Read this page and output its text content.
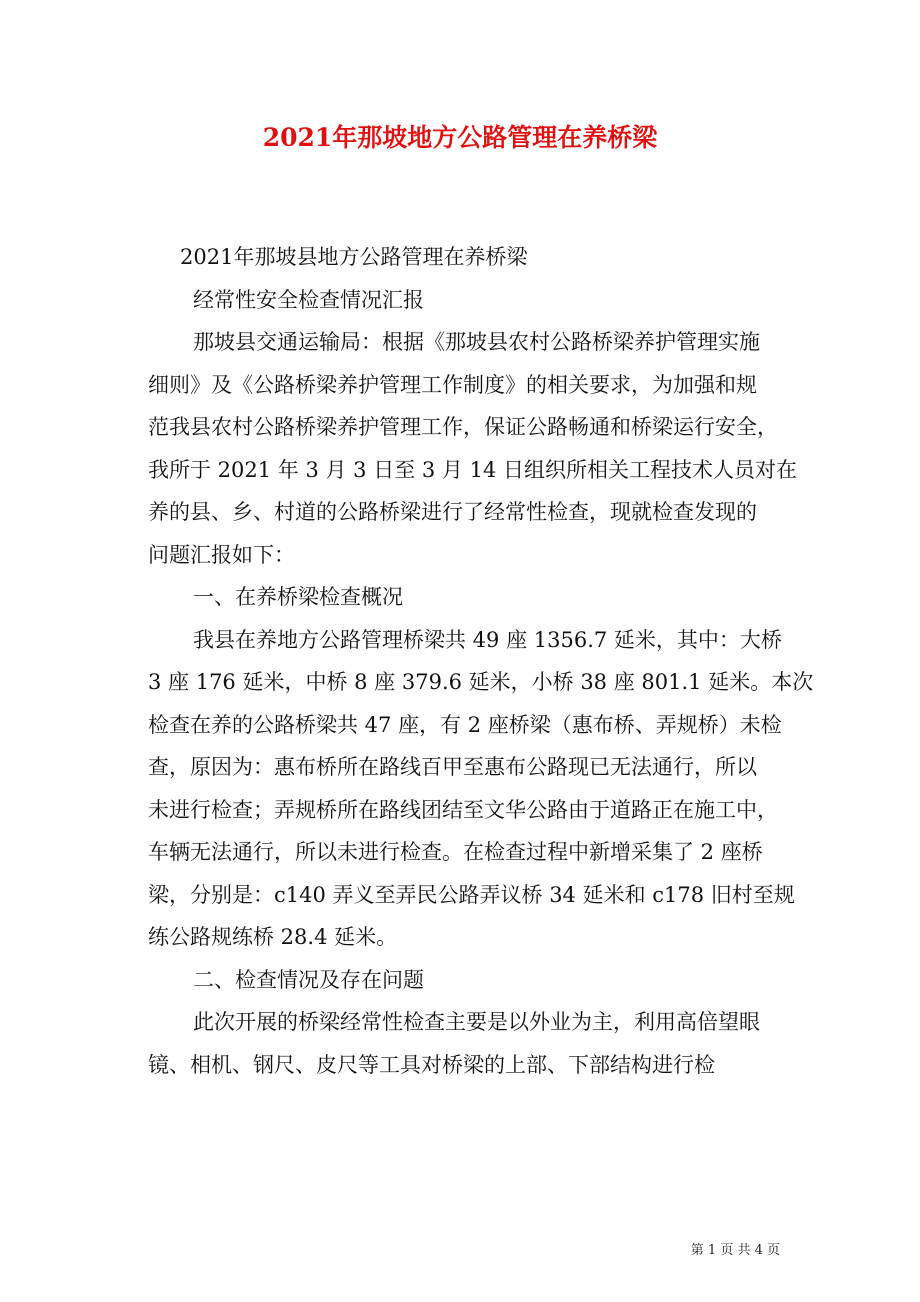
2021年那坡地方公路管理在养桥梁

2021年那坡县地方公路管理在养桥梁

经常性安全检查情况汇报

那坡县交通运输局：根据《那坡县农村公路桥梁养护管理实施
细则》及《公路桥梁养护管理工作制度》的相关要求，为加强和规
范我县农村公路桥梁养护管理工作，保证公路畅通和桥梁运行安全，
我所于 2021 年 3 月 3 日至 3 月 14 日组织所相关工程技术人员对在
养的县、乡、村道的公路桥梁进行了经常性检查，现就检查发现的
问题汇报如下：

一、在养桥梁检查概况

我县在养地方公路管理桥梁共 49 座 1356.7 延米，其中：大桥
3 座 176 延米，中桥 8 座 379.6 延米，小桥 38 座 801.1 延米。本次
检查在养的公路桥梁共 47 座，有 2 座桥梁（惠布桥、弄规桥）未检
查，原因为：惠布桥所在路线百甲至惠布公路现已无法通行，所以
未进行检查；弄规桥所在路线团结至文华公路由于道路正在施工中，
车辆无法通行，所以未进行检查。在检查过程中新增采集了 2 座桥
梁，分别是：c140 弄义至弄民公路弄议桥 34 延米和 c178 旧村至规
练公路规练桥 28.4 延米。

二、检查情况及存在问题

此次开展的桥梁经常性检查主要是以外业为主，利用高倍望眼
镜、相机、钢尺、皮尺等工具对桥梁的上部、下部结构进行检
第 1 页 共 4 页
